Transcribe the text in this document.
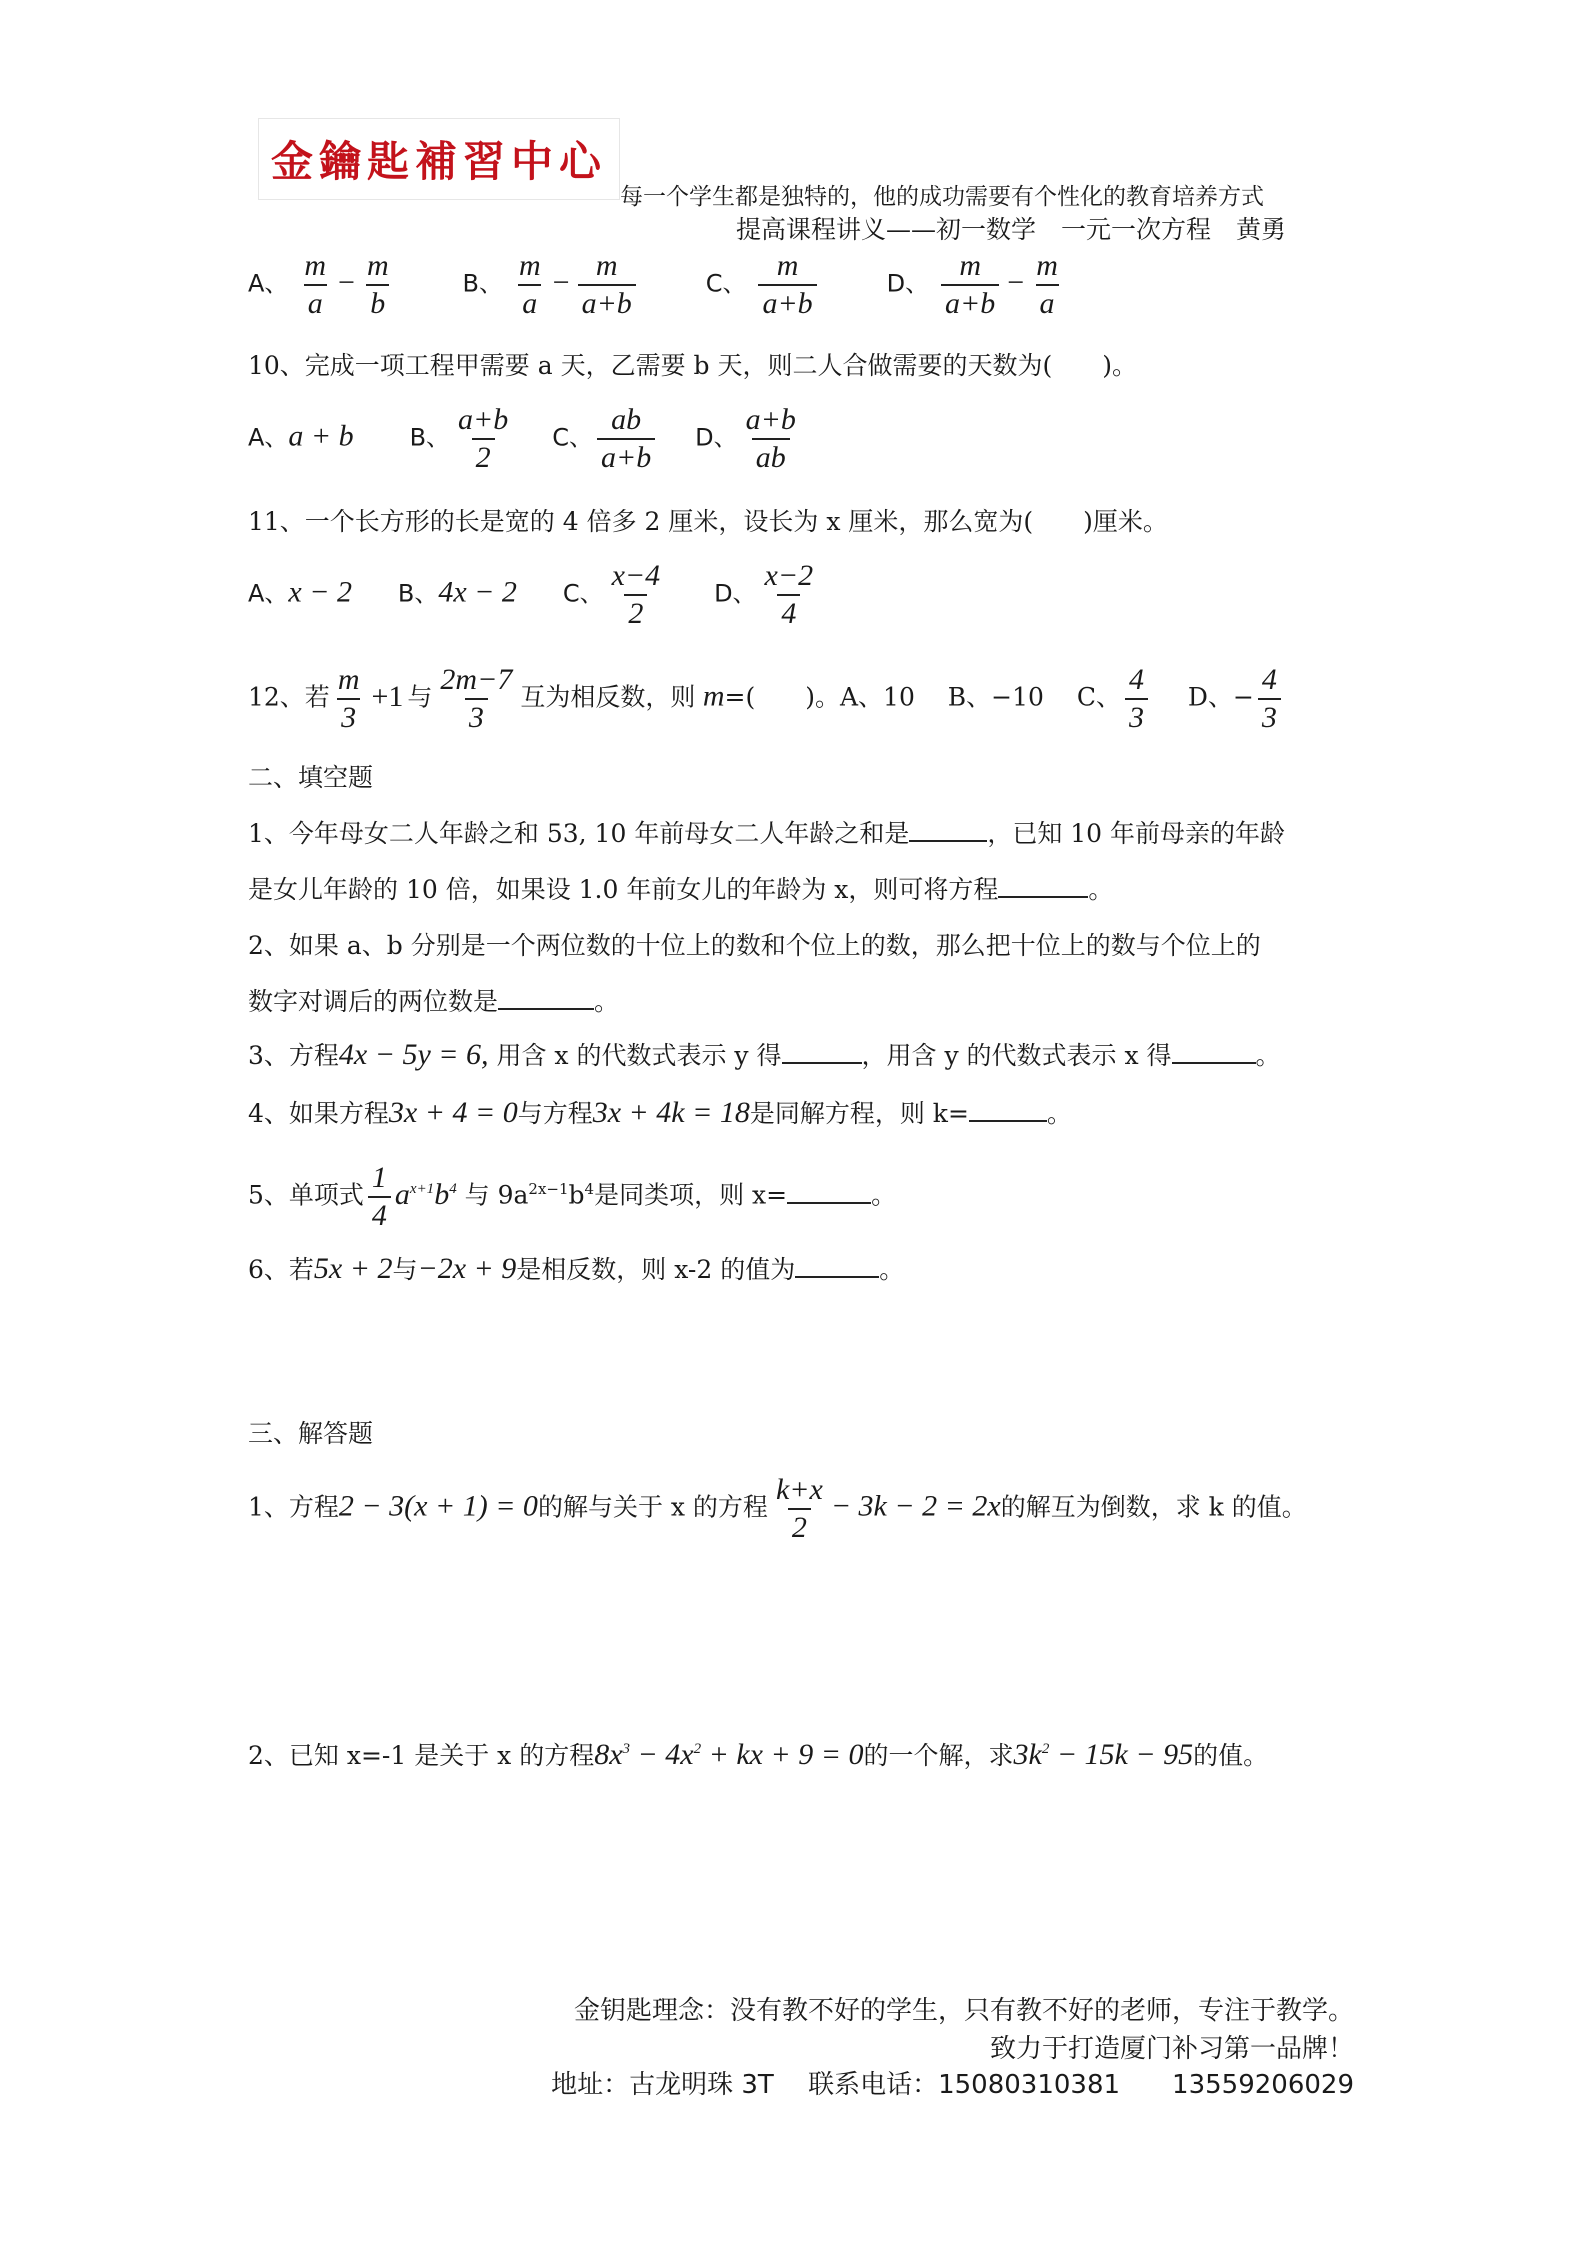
金鑰匙補習中心
每一个学生都是独特的，他的成功需要有个性化的教育培养方式
提高课程讲义——初一数学　一元一次方程　黄勇
A、 $\frac{m}{a} - \frac{m}{b}$	B、 $\frac{m}{a} - \frac{m}{a+b}$	C、 $\frac{m}{a+b}$	D、 $\frac{m}{a+b} - \frac{m}{a}$
10、完成一项工程甲需要 a 天，乙需要 b 天，则二人合做需要的天数为(　　)。
A、a + b B、 $\frac{a+b}{2}$ C、 $\frac{ab}{a+b}$ D、 $\frac{a+b}{ab}$
11、一个长方形的长是宽的 4 倍多 2 厘米，设长为 x 厘米，那么宽为(　　)厘米。
A、x − 2 B、4x − 2 C、 $\frac{x-4}{2}$ D、 $\frac{x-2}{4}$
12、若 $\frac{m}{3} +1$ 与 $\frac{2m-7}{3}$ 互为相反数，则 m=(　　)。A、10　 B、−10　 C、 $\frac{4}{3}$ D、− $\frac{4}{3}$
二、填空题
1、今年母女二人年龄之和 53, 10 年前母女二人年龄之和是	，已知 10 年前母亲的年龄
是女儿年龄的 10 倍，如果设 1.0 年前女儿的年龄为 x，则可将方程	。
2、如果 a、b 分别是一个两位数的十位上的数和个位上的数，那么把十位上的数与个位上的
数字对调后的两位数是	。
3、方程4x − 5y = 6, 用含 x 的代数式表示 y 得	，用含 y 的代数式表示 x 得	。
4、如果方程3x + 4 = 0与方程3x + 4k = 18是同解方程，则 k=	。
5、单项式 $\frac{1}{4} a^{x+1}b^4$ 与 $9a^{2x-1}b^4$是同类项，则 x=	。
6、若5x + 2与−2x + 9是相反数，则 x-2 的值为	。
三、解答题
1、方程2 − 3(x + 1) = 0的解与关于 x 的方程 $\frac{k+x}{2} - 3k - 2 = 2x$的解互为倒数，求 k 的值。
2、已知 x=-1 是关于 x 的方程$8x^3 - 4x^2$ + kx + 9 = 0的一个解，求$3k^2 - 15k - 95$的值。
金钥匙理念：没有教不好的学生，只有教不好的老师，专注于教学。
致力于打造厦门补习第一品牌！
地址：古龙明珠 3T　 联系电话：15080310381　　13559206029
